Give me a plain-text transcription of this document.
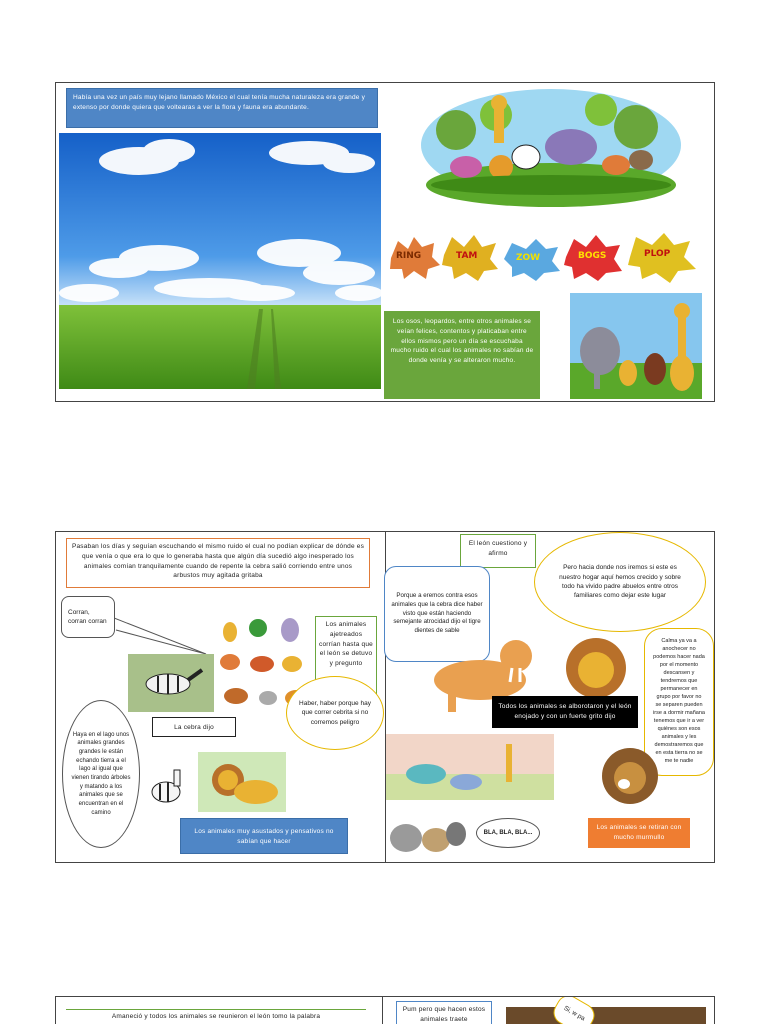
Había una vez un país muy lejano llamado México el cual tenía mucha naturaleza era grande y extenso por donde quiera que voltearas a ver la flora y fauna era abundante.
RING	TAM	ZOW	BOGS	PLOP
Los osos, leopardos, entre otros animales se veían felices, contentos y platicaban entre ellos mismos pero un día se escuchaba mucho ruido el cual los animales no sabían de donde venía y se alteraron mucho.
Pasaban los días y seguían escuchando el mismo ruido el cual no podían explicar de dónde es que venía o que era lo que lo generaba hasta que algún día sucedió algo inesperado los animales comían tranquilamente cuando de repente la cebra salió corriendo entre unos arbustos muy agitada gritaba
Corran, corran corran	Los animales ajetreados corrían hasta que el león se detuvo y pregunto
Haya en el lago unos animales grandes grandes le están echando tierra a el lago al igual que vienen tirando árboles y matando a los animales que se encuentran en el camino
La cebra dijo
Haber, haber porque hay que correr cebrita si no corremos peligro
Los animales muy asustados y pensativos no sabían que hacer
El león cuestiono y afirmo
Porque a eremos contra esos animales que la cebra dice haber visto que están haciendo semejante atrocidad dijo el tigre dientes de sable
Pero hacia donde nos iremos si este es nuestro hogar aquí hemos crecido y sobre todo ha vivido padre abuelos entre otros familiares como dejar este lugar
Calma ya va a anochecer no podemos hacer nada por el momento descansen y tendremos que permanecer en grupo por favor no se separen pueden irse a dormir mañana tenemos que ir a ver quiénes son esos animales y les demostraremos que en esta tierra no se me te nadie
Todos los animales se alborotaron y el león enojado y con un fuerte grito dijo
BLA, BLA, BLA...
Los animales se retiran con mucho murmullo
Amaneció y todos los animales se reunieron el león tomo la palabra
Pum pero que hacen estos animales traete	Si, w pa
